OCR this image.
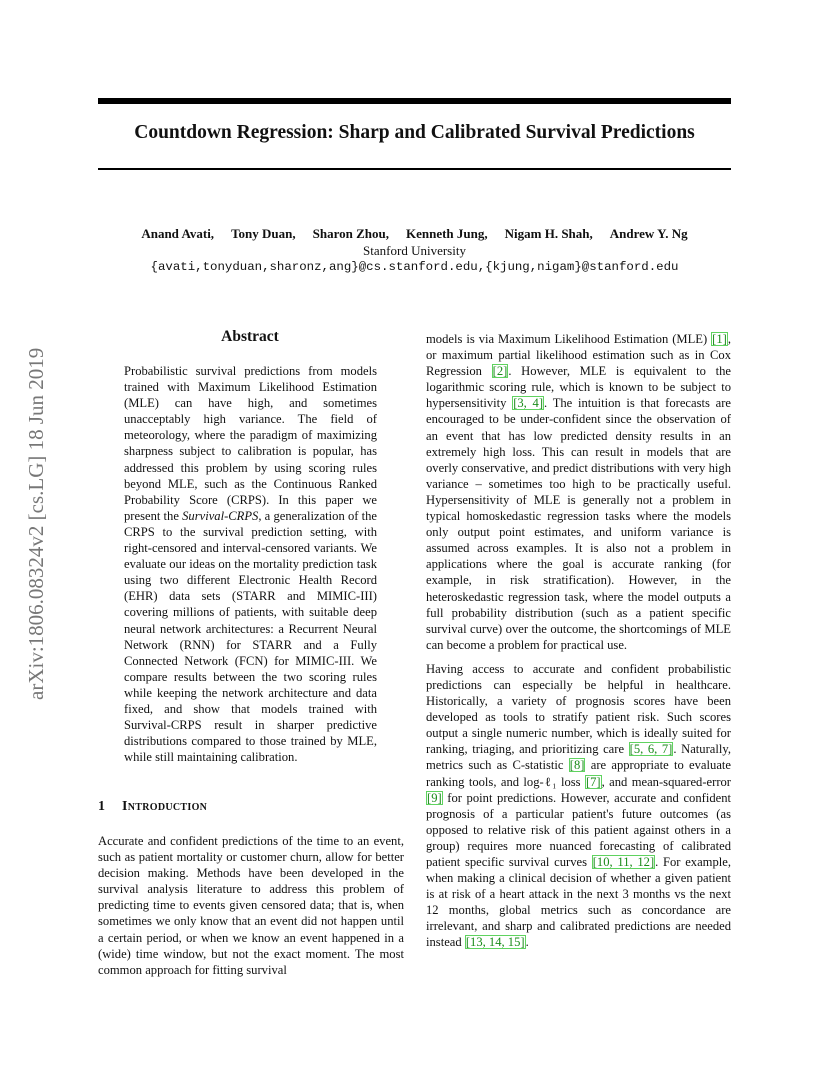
Countdown Regression: Sharp and Calibrated Survival Predictions
Anand Avati, Tony Duan, Sharon Zhou, Kenneth Jung, Nigam H. Shah, Andrew Y. Ng
Stanford University
{avati,tonyduan,sharonz,ang}@cs.stanford.edu,{kjung,nigam}@stanford.edu
arXiv:1806.08324v2 [cs.LG] 18 Jun 2019
Abstract
Probabilistic survival predictions from models trained with Maximum Likelihood Estimation (MLE) can have high, and sometimes unacceptably high variance. The field of meteorology, where the paradigm of maximizing sharpness subject to calibration is popular, has addressed this problem by using scoring rules beyond MLE, such as the Continuous Ranked Probability Score (CRPS). In this paper we present the Survival-CRPS, a generalization of the CRPS to the survival prediction setting, with right-censored and interval-censored variants. We evaluate our ideas on the mortality prediction task using two different Electronic Health Record (EHR) data sets (STARR and MIMIC-III) covering millions of patients, with suitable deep neural network architectures: a Recurrent Neural Network (RNN) for STARR and a Fully Connected Network (FCN) for MIMIC-III. We compare results between the two scoring rules while keeping the network architecture and data fixed, and show that models trained with Survival-CRPS result in sharper predictive distributions compared to those trained by MLE, while still maintaining calibration.
1 Introduction
Accurate and confident predictions of the time to an event, such as patient mortality or customer churn, allow for better decision making. Methods have been developed in the survival analysis literature to address this problem of predicting time to events given censored data; that is, when sometimes we only know that an event did not happen until a certain period, or when we know an event happened in a (wide) time window, but not the exact moment. The most common approach for fitting survival

models is via Maximum Likelihood Estimation (MLE) [1], or maximum partial likelihood estimation such as in Cox Regression [2]. However, MLE is equivalent to the logarithmic scoring rule, which is known to be subject to hypersensitivity [3, 4]. The intuition is that forecasts are encouraged to be under-confident since the observation of an event that has low predicted density results in an extremely high loss. This can result in models that are overly conservative, and predict distributions with very high variance – sometimes too high to be practically useful. Hypersensitivity of MLE is generally not a problem in typical homoskedastic regression tasks where the models only output point estimates, and uniform variance is assumed across examples. It is also not a problem in applications where the goal is accurate ranking (for example, in risk stratification). However, in the heteroskedastic regression task, where the model outputs a full probability distribution (such as a patient specific survival curve) over the outcome, the shortcomings of MLE can become a problem for practical use.

Having access to accurate and confident probabilistic predictions can especially be helpful in healthcare. Historically, a variety of prognosis scores have been developed as tools to stratify patient risk. Such scores output a single numeric number, which is ideally suited for ranking, triaging, and prioritizing care [5, 6, 7]. Naturally, metrics such as C-statistic [8] are appropriate to evaluate ranking tools, and log-ℓ₁ loss [7], and mean-squared-error [9] for point predictions. However, accurate and confident prognosis of a particular patient's future outcomes (as opposed to relative risk of this patient against others in a group) requires more nuanced forecasting of calibrated patient specific survival curves [10, 11, 12]. For example, when making a clinical decision of whether a given patient is at risk of a heart attack in the next 3 months vs the next 12 months, global metrics such as concordance are irrelevant, and sharp and calibrated predictions are needed instead [13, 14, 15].
